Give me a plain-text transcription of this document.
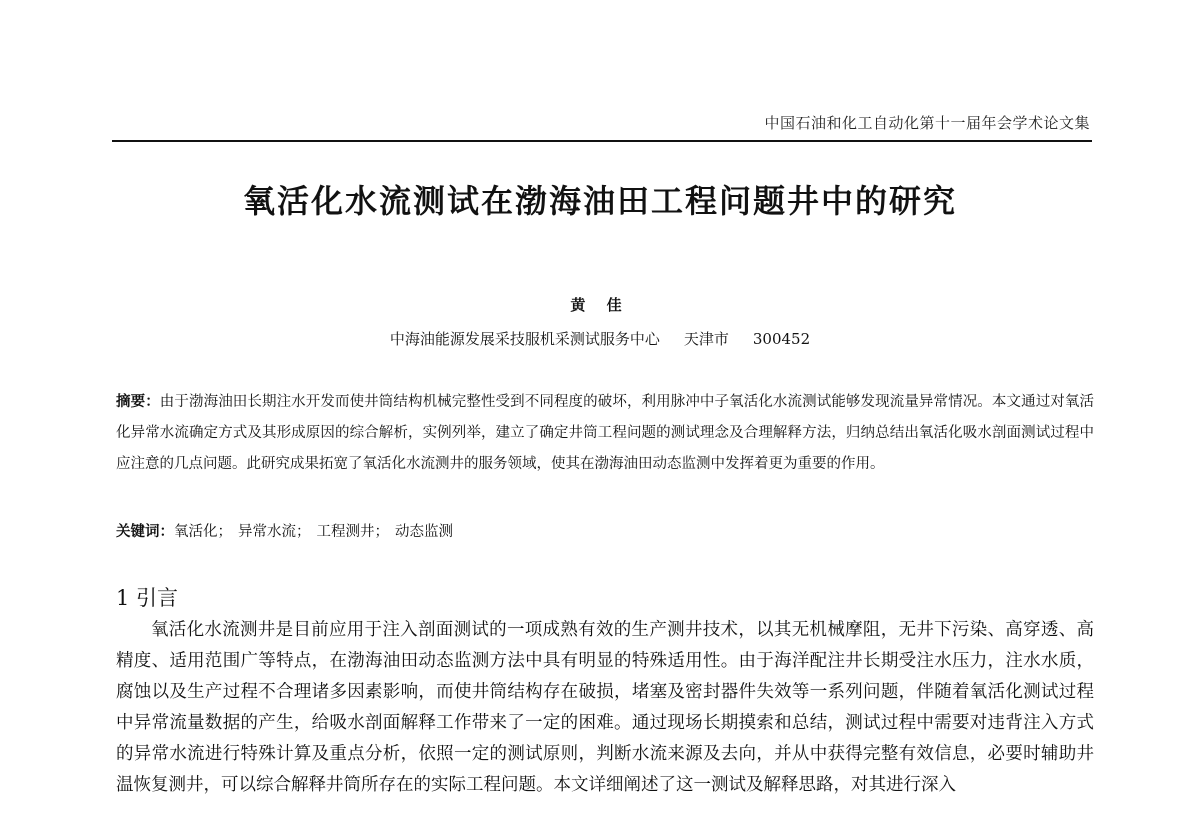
中国石油和化工自动化第十一届年会学术论文集
氧活化水流测试在渤海油田工程问题井中的研究
黄 佳
中海油能源发展采技服机采测试服务中心 天津市 300452
摘要：由于渤海油田长期注水开发而使井筒结构机械完整性受到不同程度的破坏，利用脉冲中子氧活化水流测试能够发现流量异常情况。本文通过对氧活化异常水流确定方式及其形成原因的综合解析，实例列举，建立了确定井筒工程问题的测试理念及合理解释方法，归纳总结出氧活化吸水剖面测试过程中应注意的几点问题。此研究成果拓宽了氧活化水流测井的服务领域，使其在渤海油田动态监测中发挥着更为重要的作用。
关键词：氧活化； 异常水流； 工程测井； 动态监测
1 引言

氧活化水流测井是目前应用于注入剖面测试的一项成熟有效的生产测井技术，以其无机械摩阻，无井下污染、高穿透、高精度、适用范围广等特点，在渤海油田动态监测方法中具有明显的特殊适用性。由于海洋配注井长期受注水压力，注水水质，腐蚀以及生产过程不合理诸多因素影响，而使井筒结构存在破损，堵塞及密封器件失效等一系列问题，伴随着氧活化测试过程中异常流量数据的产生，给吸水剖面解释工作带来了一定的困难。通过现场长期摸索和总结，测试过程中需要对违背注入方式的异常水流进行特殊计算及重点分析，依照一定的测试原则，判断水流来源及去向，并从中获得完整有效信息，必要时辅助井温恢复测井，可以综合解释井筒所存在的实际工程问题。本文详细阐述了这一测试及解释思路，对其进行深入
